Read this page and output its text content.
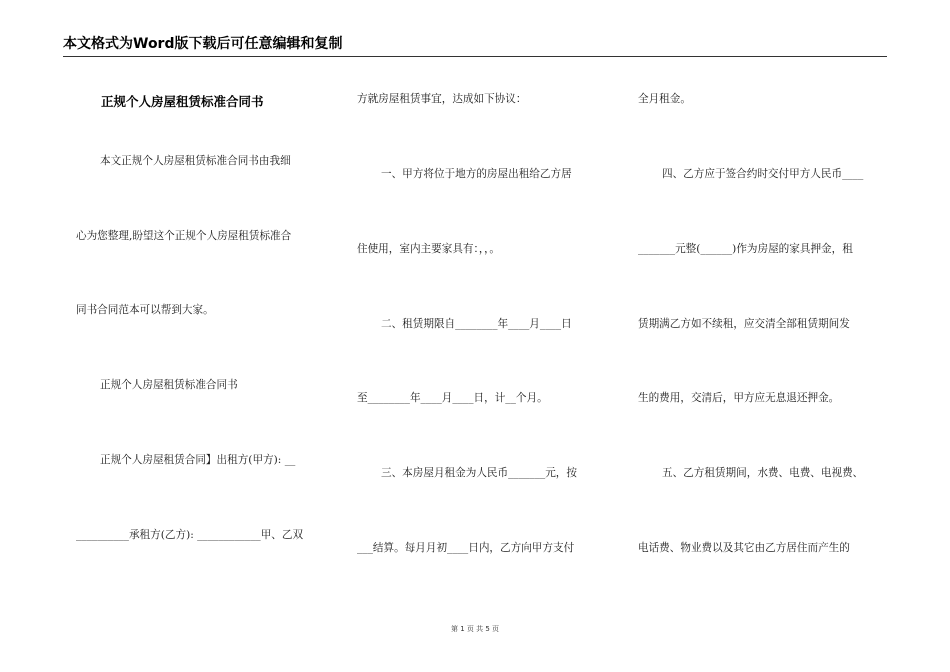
本文格式为Word版下载后可任意编辑和复制
正规个人房屋租赁标准合同书
本文正规个人房屋租赁标准合同书由我细
心为您整理,盼望这个正规个人房屋租赁标准合
同书合同范本可以帮到大家。
正规个人房屋租赁标准合同书
正规个人房屋租赁合同】出租方(甲方): __
__________承租方(乙方): ____________甲、乙双
方就房屋租赁事宜，达成如下协议：
一、甲方将位于地方的房屋出租给乙方居
住使用，室内主要家具有：，，。
二、租赁期限自________年____月____日
至________年____月____日，计__个月。
三、本房屋月租金为人民币_______元，按
___结算。每月月初____日内，乙方向甲方支付
全月租金。
四、乙方应于签合约时交付甲方人民币____
_______元整(______)作为房屋的家具押金，租
赁期满乙方如不续租，应交清全部租赁期间发
生的费用，交清后，甲方应无息退还押金。
五、乙方租赁期间，水费、电费、电视费、
电话费、物业费以及其它由乙方居住而产生的
第 1 页 共 5 页
